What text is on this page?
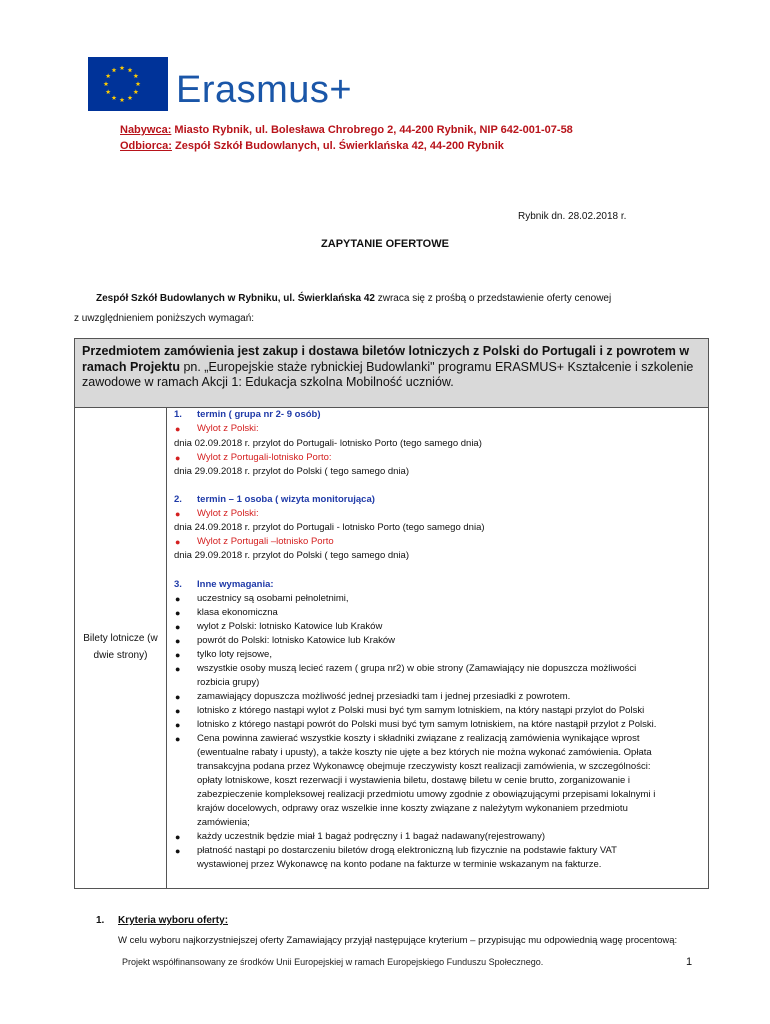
Erasmus+
Nabywca: Miasto Rybnik, ul. Bolesława Chrobrego 2, 44-200 Rybnik, NIP 642-001-07-58
Odbiorca: Zespół Szkół Budowlanych, ul. Świerklańska 42, 44-200 Rybnik
Rybnik dn. 28.02.2018 r.
ZAPYTANIE OFERTOWE
Zespół Szkół Budowlanych w Rybniku, ul. Świerklańska 42 zwraca się z prośbą o przedstawienie oferty cenowej
z uwzględnieniem poniższych wymagań:
Przedmiotem zamówienia jest zakup i dostawa biletów lotniczych z Polski do Portugali i z powrotem w ramach Projektu pn. „Europejskie staże rybnickiej Budowlanki" programu ERASMUS+ Kształcenie i szkolenie zawodowe w ramach Akcji 1: Edukacja szkolna Mobilność uczniów.
Bilety lotnicze (w dwie strony)
1. termin ( grupa nr 2- 9 osób)
● Wylot z Polski:
dnia 02.09.2018 r. przylot do Portugali- lotnisko Porto (tego samego dnia)
● Wylot z Portugali-lotnisko Porto:
dnia 29.09.2018 r. przylot do Polski ( tego samego dnia)
2. termin – 1 osoba ( wizyta monitorująca)
● Wylot z Polski:
dnia 24.09.2018 r. przylot do Portugali - lotnisko Porto (tego samego dnia)
● Wylot z Portugali –lotnisko Porto
dnia 29.09.2018 r. przylot do Polski ( tego samego dnia)
3. Inne wymagania:
● uczestnicy są osobami pełnoletnimi,
● klasa ekonomiczna
● wylot z Polski: lotnisko Katowice lub Kraków
● powrót do Polski: lotnisko Katowice lub Kraków
● tylko loty rejsowe,
● wszystkie osoby muszą lecieć razem ( grupa nr2) w obie strony (Zamawiający nie dopuszcza możliwości
rozbicia grupy)
● zamawiający dopuszcza możliwość jednej przesiadki tam i jednej przesiadki z powrotem.
● lotnisko z którego nastąpi wylot z Polski musi być tym samym lotniskiem, na który nastąpi przylot do Polski
● lotnisko z którego nastąpi powrót do Polski musi być tym samym lotniskiem, na które nastąpił przylot z Polski.
● Cena powinna zawierać wszystkie koszty i składniki związane z realizacją zamówienia wynikające wprost
(ewentualne rabaty i upusty), a także koszty nie ujęte a bez których nie można wykonać zamówienia. Opłata
transakcyjna podana przez Wykonawcę obejmuje rzeczywisty koszt realizacji zamówienia, w szczególności:
opłaty lotniskowe, koszt rezerwacji i wystawienia biletu, dostawę biletu w cenie brutto, zorganizowanie i
zabezpieczenie kompleksowej realizacji przedmiotu umowy zgodnie z obowiązującymi przepisami lokalnymi i
krajów docelowych, odprawy oraz wszelkie inne koszty związane z należytym wykonaniem przedmiotu
zamówienia;
● każdy uczestnik będzie miał 1 bagaż podręczny i 1 bagaż nadawany(rejestrowany)
● płatność nastąpi po dostarczeniu biletów drogą elektroniczną lub fizycznie na podstawie faktury VAT
wystawionej przez Wykonawcę na konto podane na fakturze w terminie wskazanym na fakturze.
1. Kryteria wyboru oferty:
W celu wyboru najkorzystniejszej oferty Zamawiający przyjął następujące kryterium – przypisując mu odpowiednią wagę procentową:
Projekt współfinansowany ze środków Unii Europejskiej w ramach Europejskiego Funduszu Społecznego.	1
